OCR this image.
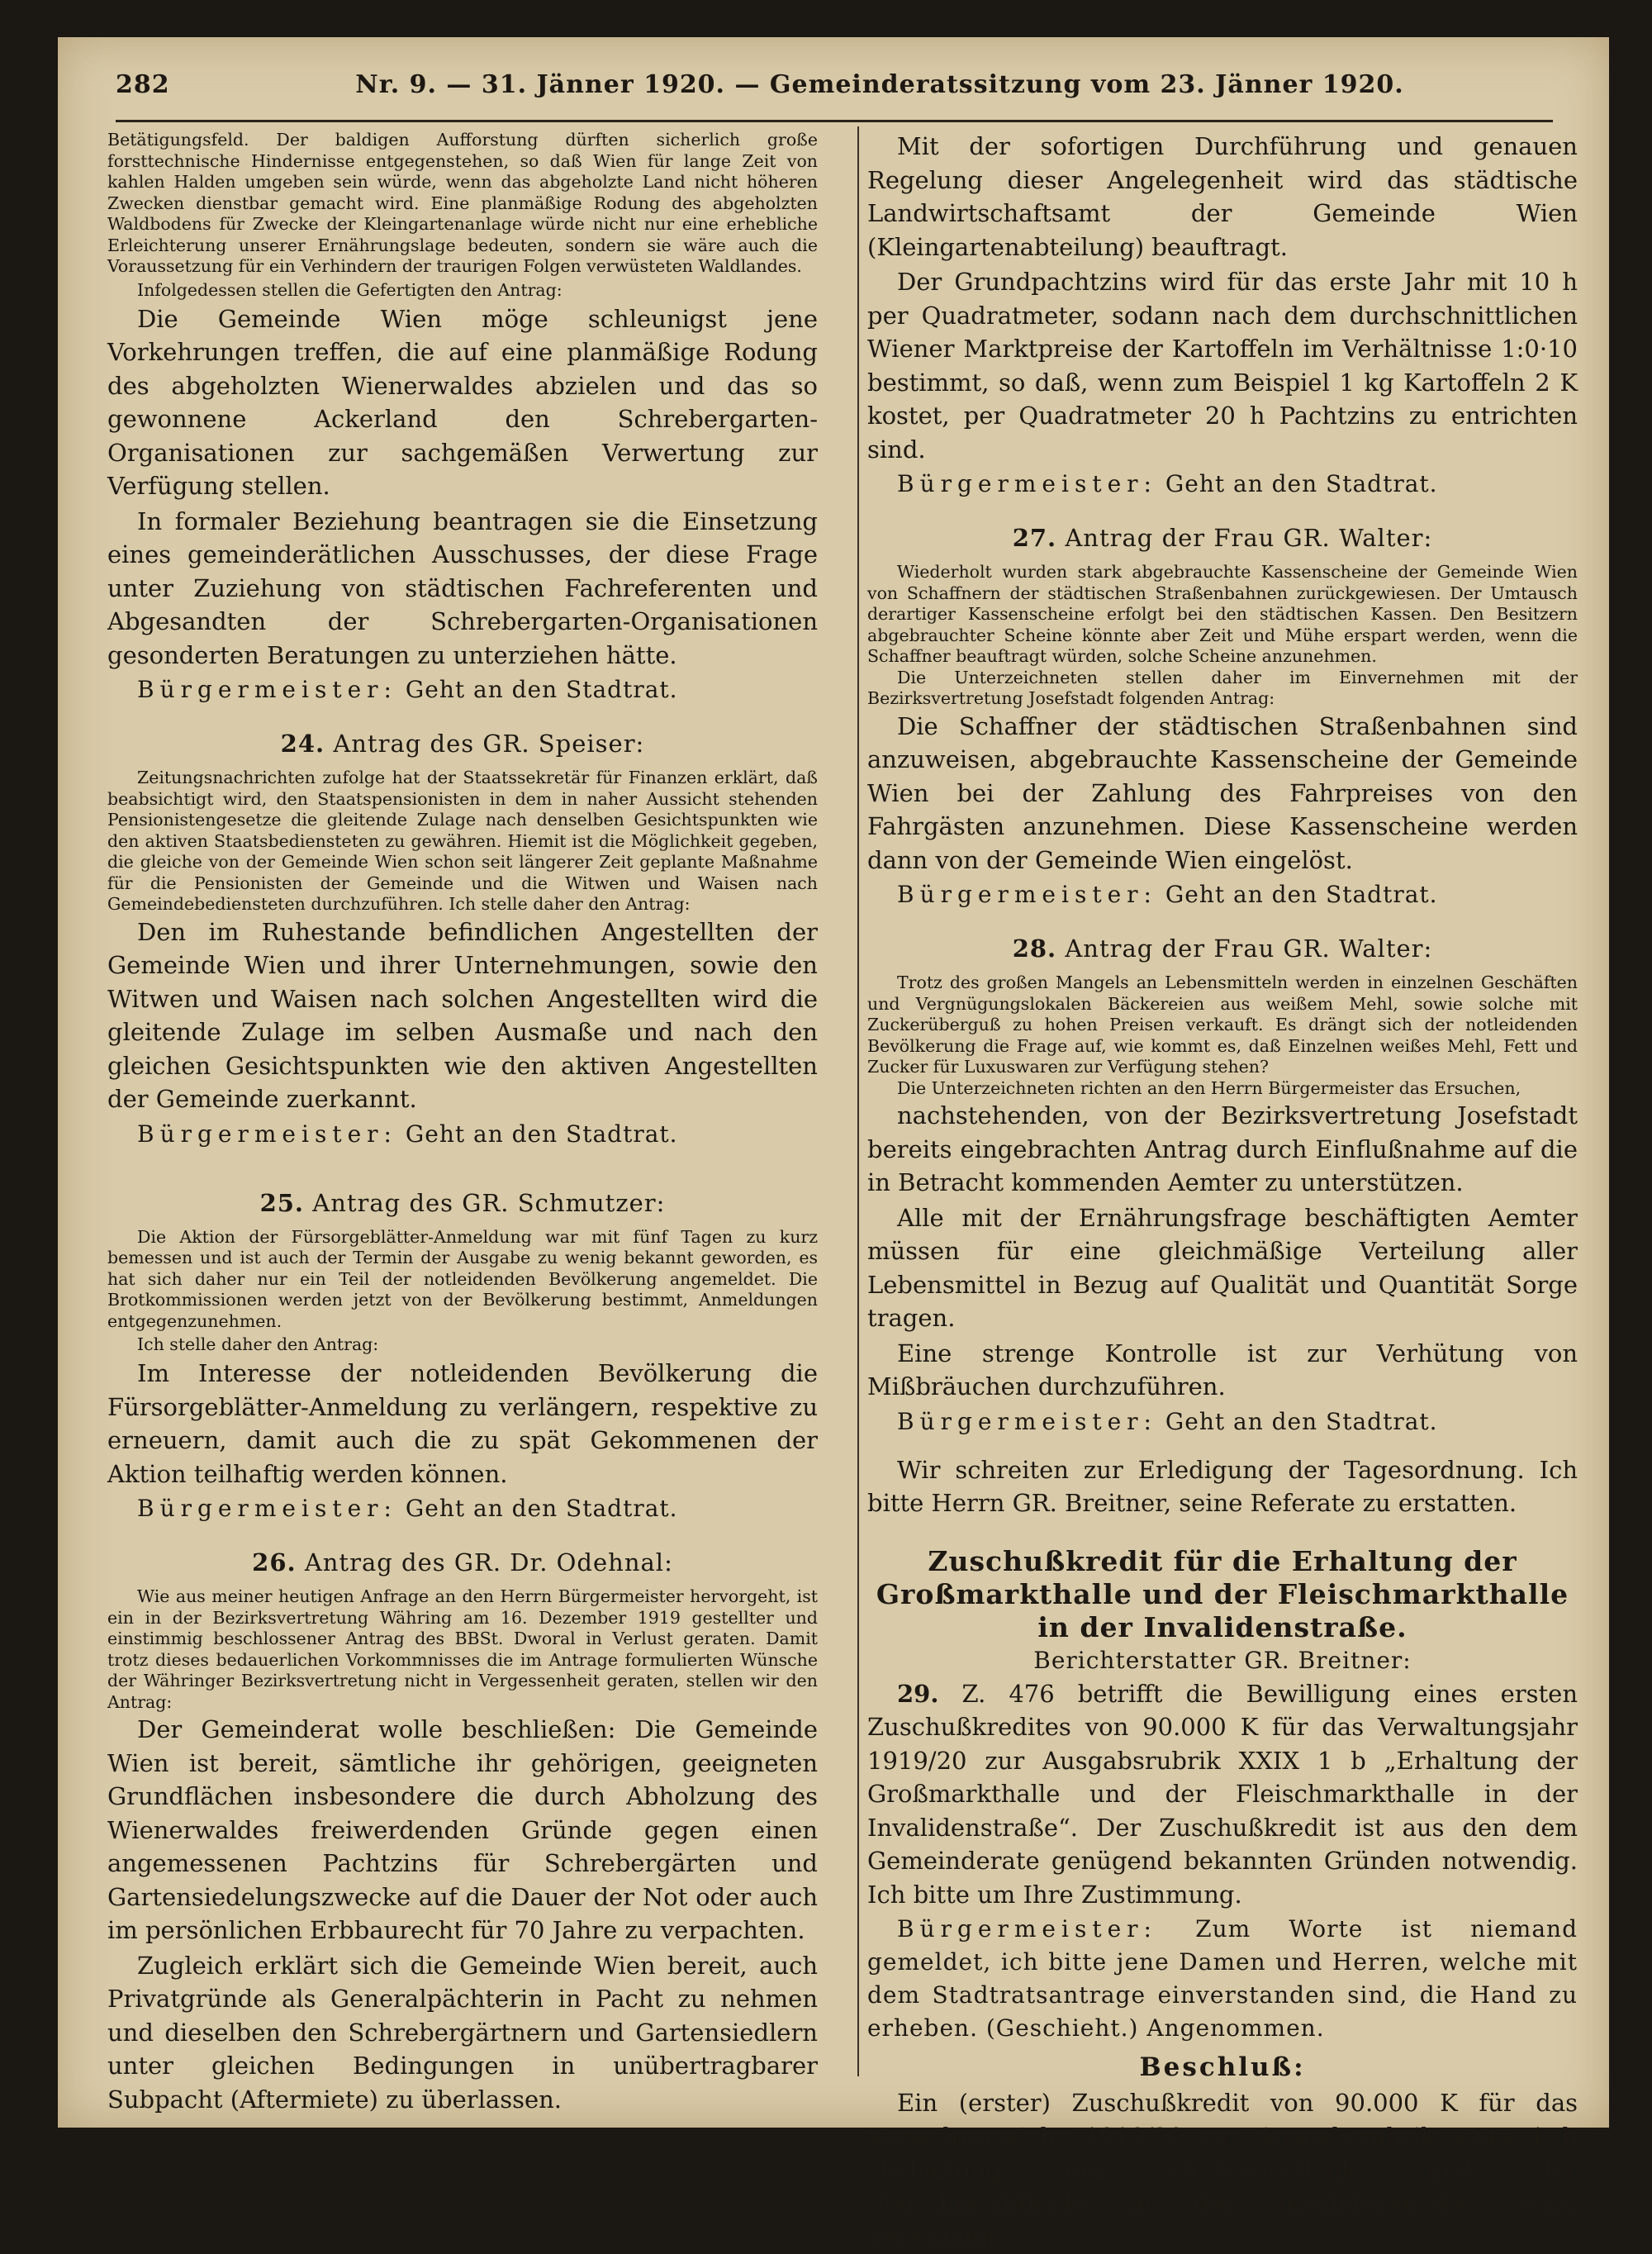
282	Nr. 9. — 31. Jänner 1920. — Gemeinderatssitzung vom 23. Jänner 1920.

Betätigungsfeld. Der baldigen Aufforstung dürften sicherlich große forsttechnische Hindernisse entgegenstehen, so daß Wien für lange Zeit von kahlen Halden umgeben sein würde, wenn das abgeholzte Land nicht höheren Zwecken dienstbar gemacht wird. Eine planmäßige Rodung des abgeholzten Waldbodens für Zwecke der Kleingartenanlage würde nicht nur eine erhebliche Erleichterung unserer Ernährungslage bedeuten, sondern sie wäre auch die Voraussetzung für ein Verhindern der traurigen Folgen verwüsteten Waldlandes.

Infolgedessen stellen die Gefertigten den Antrag:

Die Gemeinde Wien möge schleunigst jene Vorkehrungen treffen, die auf eine planmäßige Rodung des abgeholzten Wienerwaldes abzielen und das so gewonnene Ackerland den Schrebergarten-Organisationen zur sachgemäßen Verwertung zur Verfügung stellen.

In formaler Beziehung beantragen sie die Einsetzung eines gemeinderätlichen Ausschusses, der diese Frage unter Zuziehung von städtischen Fachreferenten und Abgesandten der Schrebergarten-Organisationen gesonderten Beratungen zu unterziehen hätte.

Bürgermeister: Geht an den Stadtrat.

24. Antrag des GR. Speiser:

Zeitungsnachrichten zufolge hat der Staatssekretär für Finanzen erklärt, daß beabsichtigt wird, den Staatspensionisten in dem in naher Aussicht stehenden Pensionistengesetze die gleitende Zulage nach denselben Gesichtspunkten wie den aktiven Staatsbediensteten zu gewähren. Hiemit ist die Möglichkeit gegeben, die gleiche von der Gemeinde Wien schon seit längerer Zeit geplante Maßnahme für die Pensionisten der Gemeinde und die Witwen und Waisen nach Gemeindebediensteten durchzuführen. Ich stelle daher den Antrag:

Den im Ruhestande befindlichen Angestellten der Gemeinde Wien und ihrer Unternehmungen, sowie den Witwen und Waisen nach solchen Angestellten wird die gleitende Zulage im selben Ausmaße und nach den gleichen Gesichtspunkten wie den aktiven Angestellten der Gemeinde zuerkannt.

Bürgermeister: Geht an den Stadtrat.

25. Antrag des GR. Schmutzer:

Die Aktion der Fürsorgeblätter-Anmeldung war mit fünf Tagen zu kurz bemessen und ist auch der Termin der Ausgabe zu wenig bekannt geworden, es hat sich daher nur ein Teil der notleidenden Bevölkerung angemeldet. Die Brotkommissionen werden jetzt von der Bevölkerung bestimmt, Anmeldungen entgegenzunehmen.

Ich stelle daher den Antrag:

Im Interesse der notleidenden Bevölkerung die Fürsorgeblätter-Anmeldung zu verlängern, respektive zu erneuern, damit auch die zu spät Gekommenen der Aktion teilhaftig werden können.

Bürgermeister: Geht an den Stadtrat.

26. Antrag des GR. Dr. Odehnal:

Wie aus meiner heutigen Anfrage an den Herrn Bürgermeister hervorgeht, ist ein in der Bezirksvertretung Währing am 16. Dezember 1919 gestellter und einstimmig beschlossener Antrag des BBSt. Dworal in Verlust geraten. Damit trotz dieses bedauerlichen Vorkommnisses die im Antrage formulierten Wünsche der Währinger Bezirksvertretung nicht in Vergessenheit geraten, stellen wir den Antrag:

Der Gemeinderat wolle beschließen: Die Gemeinde Wien ist bereit, sämtliche ihr gehörigen, geeigneten Grundflächen insbesondere die durch Abholzung des Wienerwaldes freiwerdenden Gründe gegen einen angemessenen Pachtzins für Schrebergärten und Gartensiedelungszwecke auf die Dauer der Not oder auch im persönlichen Erbbaurecht für 70 Jahre zu verpachten.

Zugleich erklärt sich die Gemeinde Wien bereit, auch Privatgründe als Generalpächterin in Pacht zu nehmen und dieselben den Schrebergärtnern und Gartensiedlern unter gleichen Bedingungen in unübertragbarer Subpacht (Aftermiete) zu überlassen.

Mit der sofortigen Durchführung und genauen Regelung dieser Angelegenheit wird das städtische Landwirtschaftsamt der Gemeinde Wien (Kleingartenabteilung) beauftragt.

Der Grundpachtzins wird für das erste Jahr mit 10 h per Quadratmeter, sodann nach dem durchschnittlichen Wiener Marktpreise der Kartoffeln im Verhältnisse 1:0·10 bestimmt, so daß, wenn zum Beispiel 1 kg Kartoffeln 2 K kostet, per Quadratmeter 20 h Pachtzins zu entrichten sind.

Bürgermeister: Geht an den Stadtrat.

27. Antrag der Frau GR. Walter:

Wiederholt wurden stark abgebrauchte Kassenscheine der Gemeinde Wien von Schaffnern der städtischen Straßenbahnen zurückgewiesen. Der Umtausch derartiger Kassenscheine erfolgt bei den städtischen Kassen. Den Besitzern abgebrauchter Scheine könnte aber Zeit und Mühe erspart werden, wenn die Schaffner beauftragt würden, solche Scheine anzunehmen.

Die Unterzeichneten stellen daher im Einvernehmen mit der Bezirksvertretung Josefstadt folgenden Antrag:

Die Schaffner der städtischen Straßenbahnen sind anzuweisen, abgebrauchte Kassenscheine der Gemeinde Wien bei der Zahlung des Fahrpreises von den Fahrgästen anzunehmen. Diese Kassenscheine werden dann von der Gemeinde Wien eingelöst.

Bürgermeister: Geht an den Stadtrat.

28. Antrag der Frau GR. Walter:

Trotz des großen Mangels an Lebensmitteln werden in einzelnen Geschäften und Vergnügungslokalen Bäckereien aus weißem Mehl, sowie solche mit Zuckerüberguß zu hohen Preisen verkauft. Es drängt sich der notleidenden Bevölkerung die Frage auf, wie kommt es, daß Einzelnen weißes Mehl, Fett und Zucker für Luxuswaren zur Verfügung stehen?

Die Unterzeichneten richten an den Herrn Bürgermeister das Ersuchen,

nachstehenden, von der Bezirksvertretung Josefstadt bereits eingebrachten Antrag durch Einflußnahme auf die in Betracht kommenden Aemter zu unterstützen.

Alle mit der Ernährungsfrage beschäftigten Aemter müssen für eine gleichmäßige Verteilung aller Lebensmittel in Bezug auf Qualität und Quantität Sorge tragen.

Eine strenge Kontrolle ist zur Verhütung von Mißbräuchen durchzuführen.

Bürgermeister: Geht an den Stadtrat.

Wir schreiten zur Erledigung der Tagesordnung. Ich bitte Herrn GR. Breitner, seine Referate zu erstatten.

Zuschußkredit für die Erhaltung der Großmarkthalle und der Fleischmarkthalle in der Invalidenstraße.
Berichterstatter GR. Breitner:

29. Z. 476 betrifft die Bewilligung eines ersten Zuschußkredites von 90.000 K für das Verwaltungsjahr 1919/20 zur Ausgabsrubrik XXIX 1 b „Erhaltung der Großmarkthalle und der Fleischmarkthalle in der Invalidenstraße“. Der Zuschußkredit ist aus den dem Gemeinderate genügend bekannten Gründen notwendig. Ich bitte um Ihre Zustimmung.

Bürgermeister: Zum Worte ist niemand gemeldet, ich bitte jene Damen und Herren, welche mit dem Stadtratsantrage einverstanden sind, die Hand zu erheben. (Geschieht.) Angenommen.

Beschluß:

Ein (erster) Zuschußkredit von 90.000 K für das Verwaltungsjahr 1919/20 zur Ausgabsrubrik XXIX 1 b „Erhaltung der Großmarkthalle und der Fleischmarkthalle in der Invalidenstraße“ wird genehmigt.
